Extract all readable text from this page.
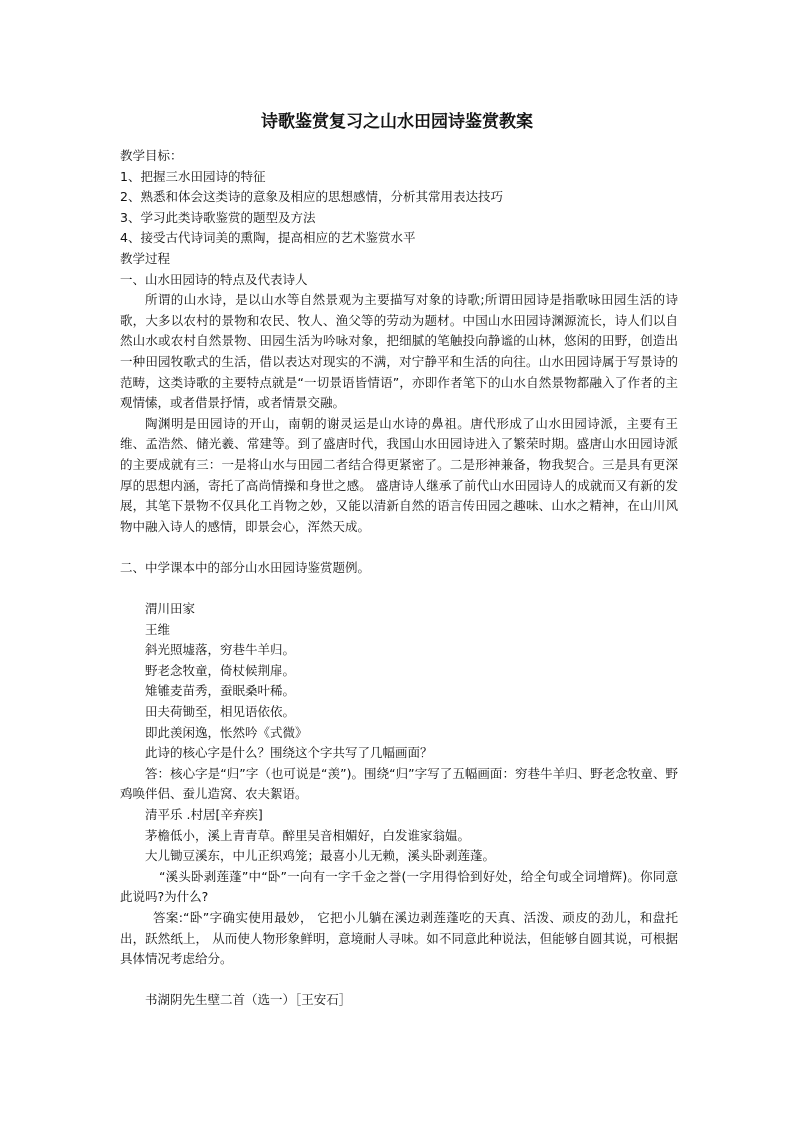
诗歌鉴赏复习之山水田园诗鉴赏教案
教学目标：
1、把握三水田园诗的特征
2、熟悉和体会这类诗的意象及相应的思想感情，分析其常用表达技巧
3、学习此类诗歌鉴赏的题型及方法
4、接受古代诗词美的熏陶，提高相应的艺术鉴赏水平
教学过程
一、山水田园诗的特点及代表诗人
所谓的山水诗，是以山水等自然景观为主要描写对象的诗歌;所谓田园诗是指歌咏田园生活的诗歌，大多以农村的景物和农民、牧人、渔父等的劳动为题材。中国山水田园诗渊源流长，诗人们以自然山水或农村自然景物、田园生活为吟咏对象，把细腻的笔触投向静谧的山林，悠闲的田野，创造出一种田园牧歌式的生活，借以表达对现实的不满，对宁静平和生活的向往。山水田园诗属于写景诗的范畴，这类诗歌的主要特点就是“一切景语皆情语”，亦即作者笔下的山水自然景物都融入了作者的主观情愫，或者借景抒情，或者情景交融。
陶渊明是田园诗的开山，南朝的谢灵运是山水诗的鼻祖。唐代形成了山水田园诗派，主要有王维、孟浩然、储光羲、常建等。到了盛唐时代，我国山水田园诗进入了繁荣时期。盛唐山水田园诗派的主要成就有三：一是将山水与田园二者结合得更紧密了。二是形神兼备，物我契合。三是具有更深厚的思想内涵，寄托了高尚情操和身世之感。 盛唐诗人继承了前代山水田园诗人的成就而又有新的发展，其笔下景物不仅具化工肖物之妙，又能以清新自然的语言传田园之趣味、山水之精神，在山川风物中融入诗人的感情，即景会心，浑然天成。
二、中学课本中的部分山水田园诗鉴赏题例。
渭川田家
王维
斜光照墟落，穷巷牛羊归。
野老念牧童，倚杖候荆扉。
雉雊麦苗秀，蚕眠桑叶稀。
田夫荷锄至，相见语依依。
即此羡闲逸，怅然吟《式微》
此诗的核心字是什么？围绕这个字共写了几幅画面？
答：核心字是“归”字（也可说是“羡”)。围绕“归”字写了五幅画面：穷巷牛羊归、野老念牧童、野鸡唤伴侣、蚕儿造窝、农夫絮语。
清平乐 .村居[辛弃疾]
茅檐低小，溪上青青草。醉里吴音相媚好，白发谁家翁媪。
大儿锄豆溪东，中儿正织鸡笼；最喜小儿无赖，溪头卧剥莲蓬。
“溪头卧剥莲蓬”中“卧”一向有一字千金之誉(一字用得恰到好处，给全句或全词增辉)。你同意此说吗?为什么?
答案:“卧”字确实使用最妙， 它把小儿躺在溪边剥莲蓬吃的天真、活泼、顽皮的劲儿，和盘托出，跃然纸上， 从而使人物形象鲜明，意境耐人寻味。如不同意此种说法，但能够自圆其说，可根据具体情况考虑给分。
书湖阴先生壁二首（选一）［王安石］
